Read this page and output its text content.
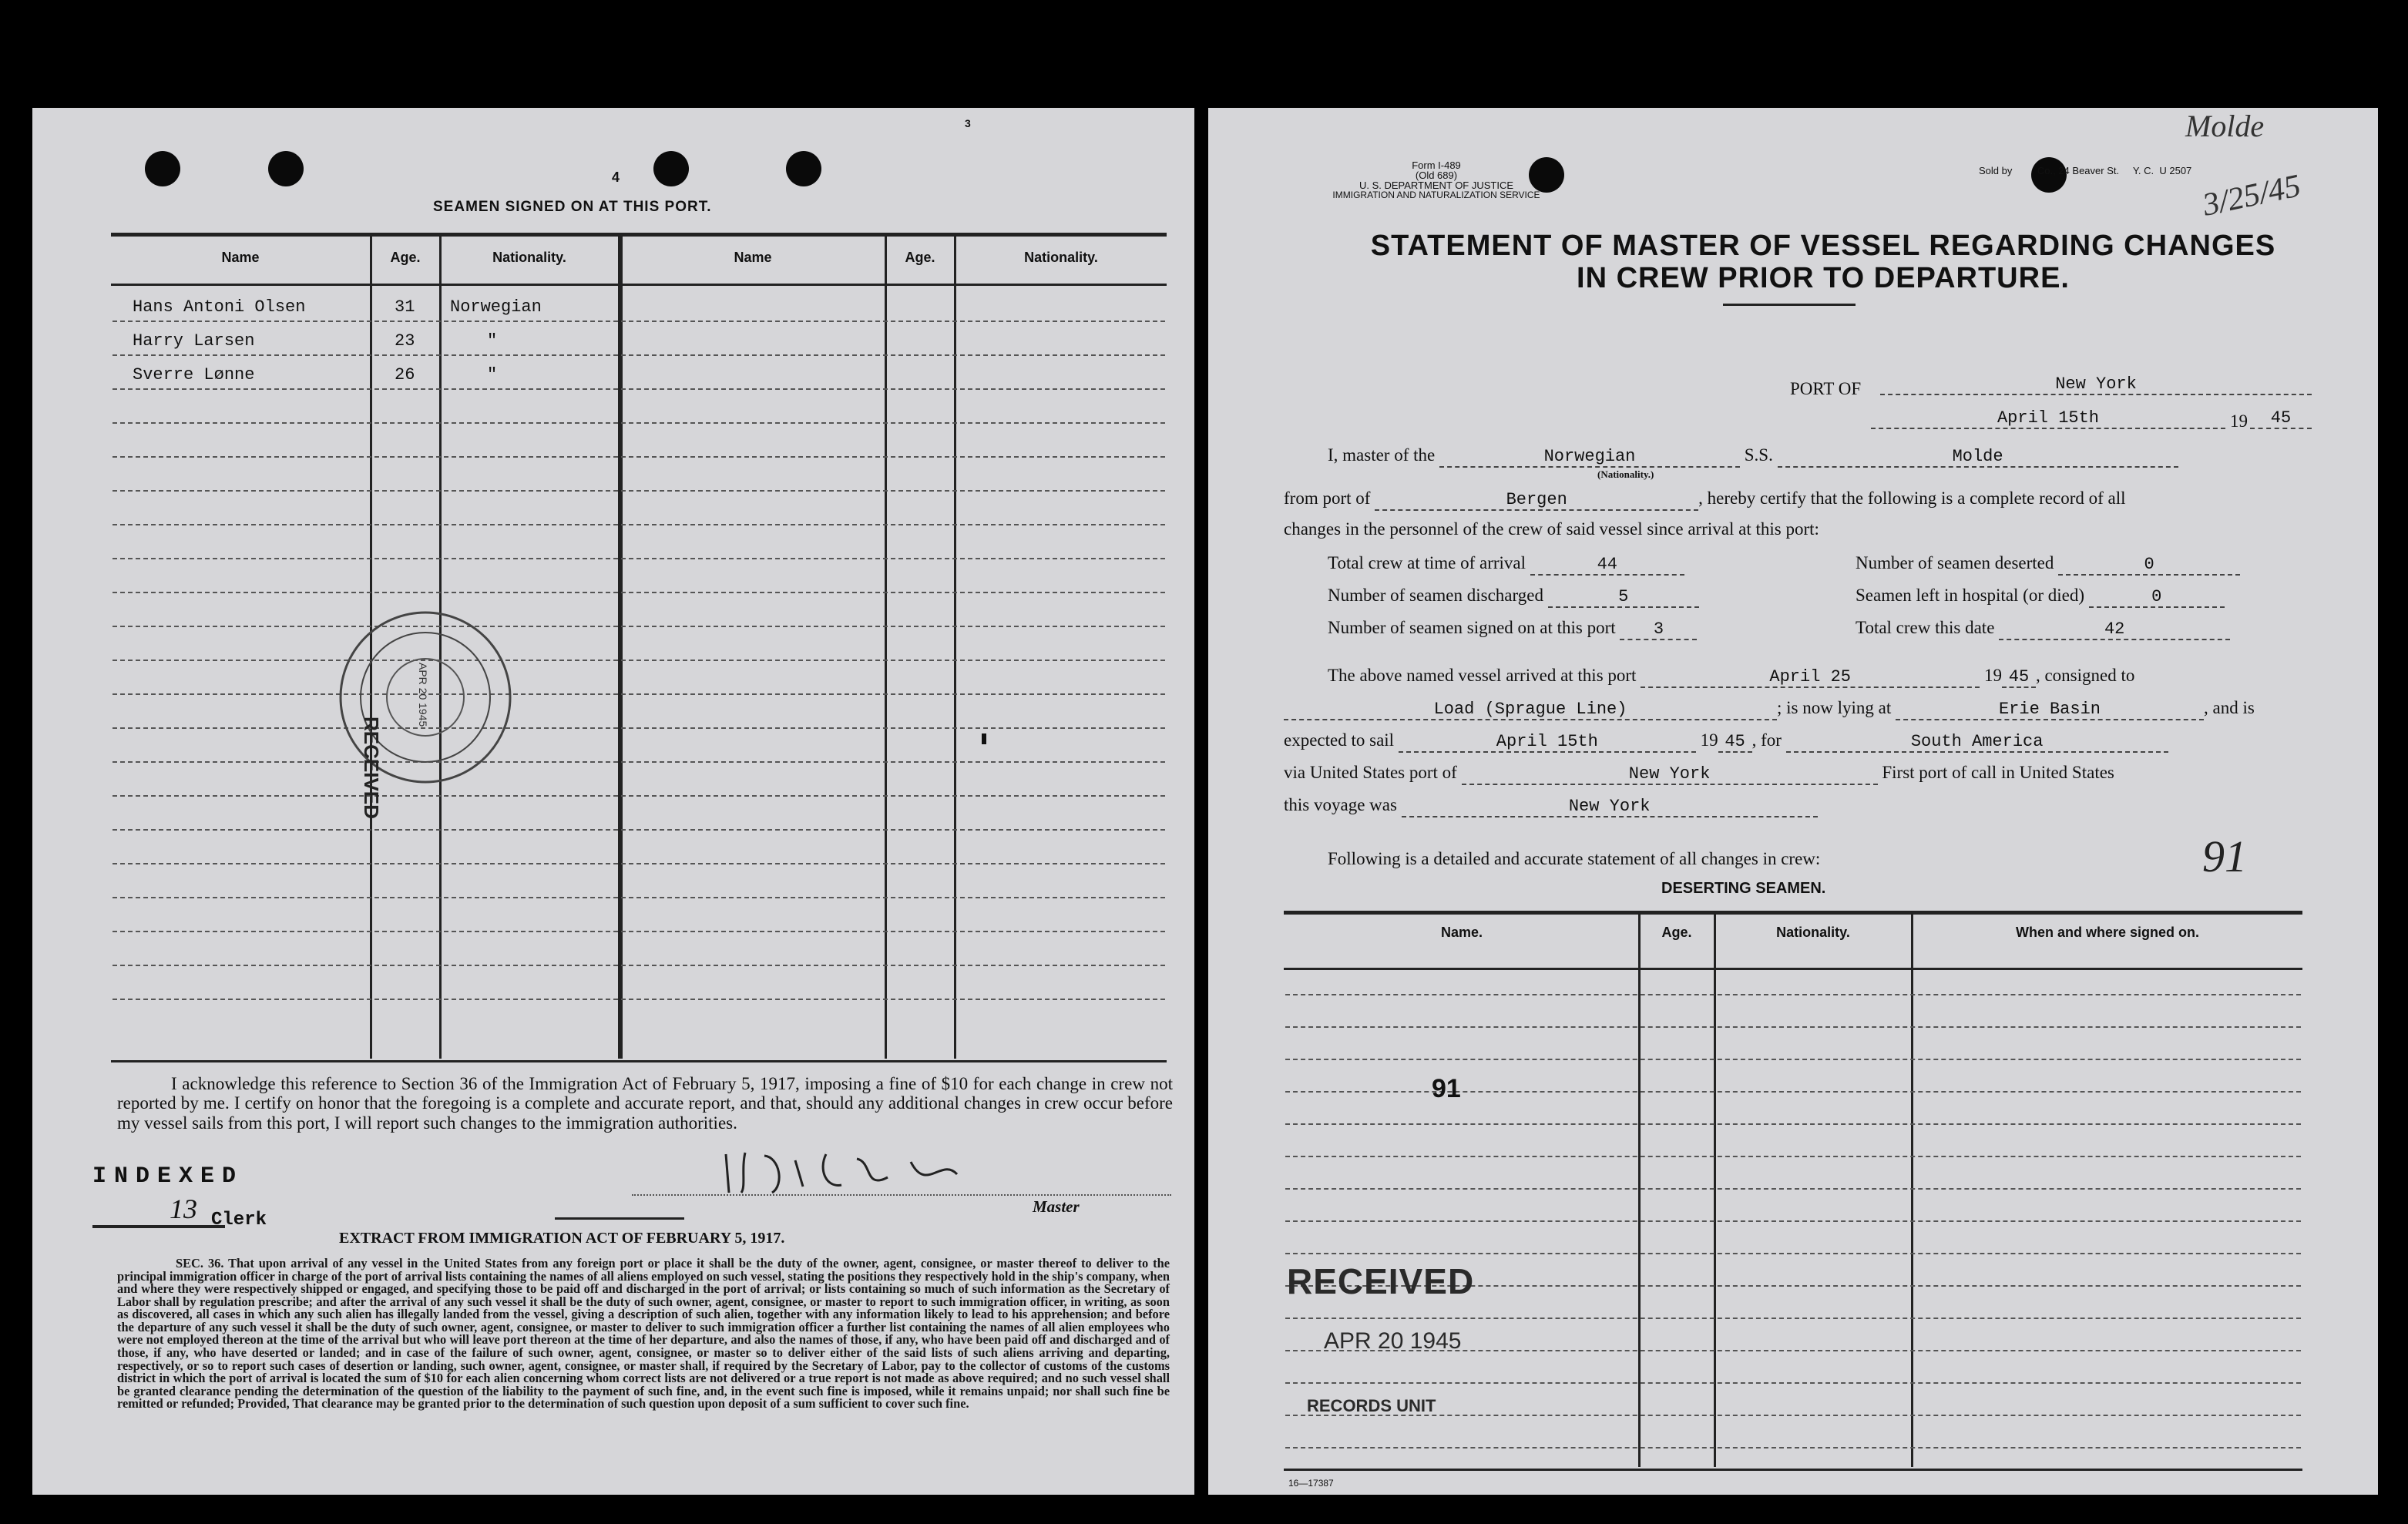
3
4
SEAMEN SIGNED ON AT THIS PORT.
Name	Age.	Nationality.	Name	Age.	Nationality.
Hans Antoni Olsen	31 Norwegian
Harry Larsen	23	"
Sverre Lønne	26	"
RECEIVED
APR 20 1945
I acknowledge this reference to Section 36 of the Immigration Act of February 5, 1917, imposing a fine of $10 for each change in crew not reported by me. I certify on honor that the foregoing is a complete and accurate report, and that, should any additional changes in crew occur before my vessel sails from this port, I will report such changes to the immigration authorities.
Master
INDEXED
13 Clerk
EXTRACT FROM IMMIGRATION ACT OF FEBRUARY 5, 1917.
SEC. 36. That upon arrival of any vessel in the United States from any foreign port or place it shall be the duty of the owner, agent, consignee, or master thereof to deliver to the principal immigration officer in charge of the port of arrival lists containing the names of all aliens employed on such vessel, stating the positions they respectively hold in the ship's company, when and where they were respectively shipped or engaged, and specifying those to be paid off and discharged in the port of arrival; or lists containing so much of such information as the Secretary of Labor shall by regulation prescribe; and after the arrival of any such vessel it shall be the duty of such owner, agent, consignee, or master to report to such immigration officer, in writing, as soon as discovered, all cases in which any such alien has illegally landed from the vessel, giving a description of such alien, together with any information likely to lead to his apprehension; and before the departure of any such vessel it shall be the duty of such owner, agent, consignee, or master to deliver to such immigration officer a further list containing the names of all alien employees who were not employed thereon at the time of the arrival but who will leave port thereon at the time of her departure, and also the names of those, if any, who have been paid off and discharged and of those, if any, who have deserted or landed; and in case of the failure of such owner, agent, consignee, or master so to deliver either of the said lists of such aliens arriving and departing, respectively, or so to report such cases of desertion or landing, such owner, agent, consignee, or master shall, if required by the Secretary of Labor, pay to the collector of customs of the customs district in which the port of arrival is located the sum of $10 for each alien concerning whom correct lists are not delivered or a true report is not made as above required; and no such vessel shall be granted clearance pending the determination of the question of the liability to the payment of such fine, and, in the event such fine is imposed, while it remains unpaid; nor shall such fine be remitted or refunded; Provided, That clearance may be granted prior to the determination of such question upon deposit of a sum sufficient to cover such fine.
Form I-489
(Old 689)
U. S. DEPARTMENT OF JUSTICE
IMMIGRATION AND NATURALIZATION SERVICE
Sold by         Co., 24 Beaver St.     Y. C.  U 2507
Molde
3/25/45
STATEMENT OF MASTER OF VESSEL REGARDING CHANGES
IN CREW PRIOR TO DEPARTURE.
PORT OF	New York
April 15th	19	45
I, master of the	Norwegian	S.S.	Molde
(Nationality.)
from port of	Bergen	, hereby certify that the following is a complete record of all
changes in the personnel of the crew of said vessel since arrival at this port:
Total crew at time of arrival	44	Number of seamen deserted	0
Number of seamen discharged	5	Seamen left in hospital (or died)	0
Number of seamen signed on at this port 3	Total crew this date	42
The above named vessel arrived at this port	April 25	19 45 , consigned to
Load (Sprague Line)	; is now lying at	Erie Basin	, and is
expected to sail	April 15th	19 45 , for	South America
via United States port of	New York	First port of call in United States
this voyage was	New York
Following is a detailed and accurate statement of all changes in crew:	91
DESERTING SEAMEN.
Name.	Age.	Nationality.	When and where signed on.
91
RECEIVED
APR 20 1945
RECORDS UNIT
16—17387
